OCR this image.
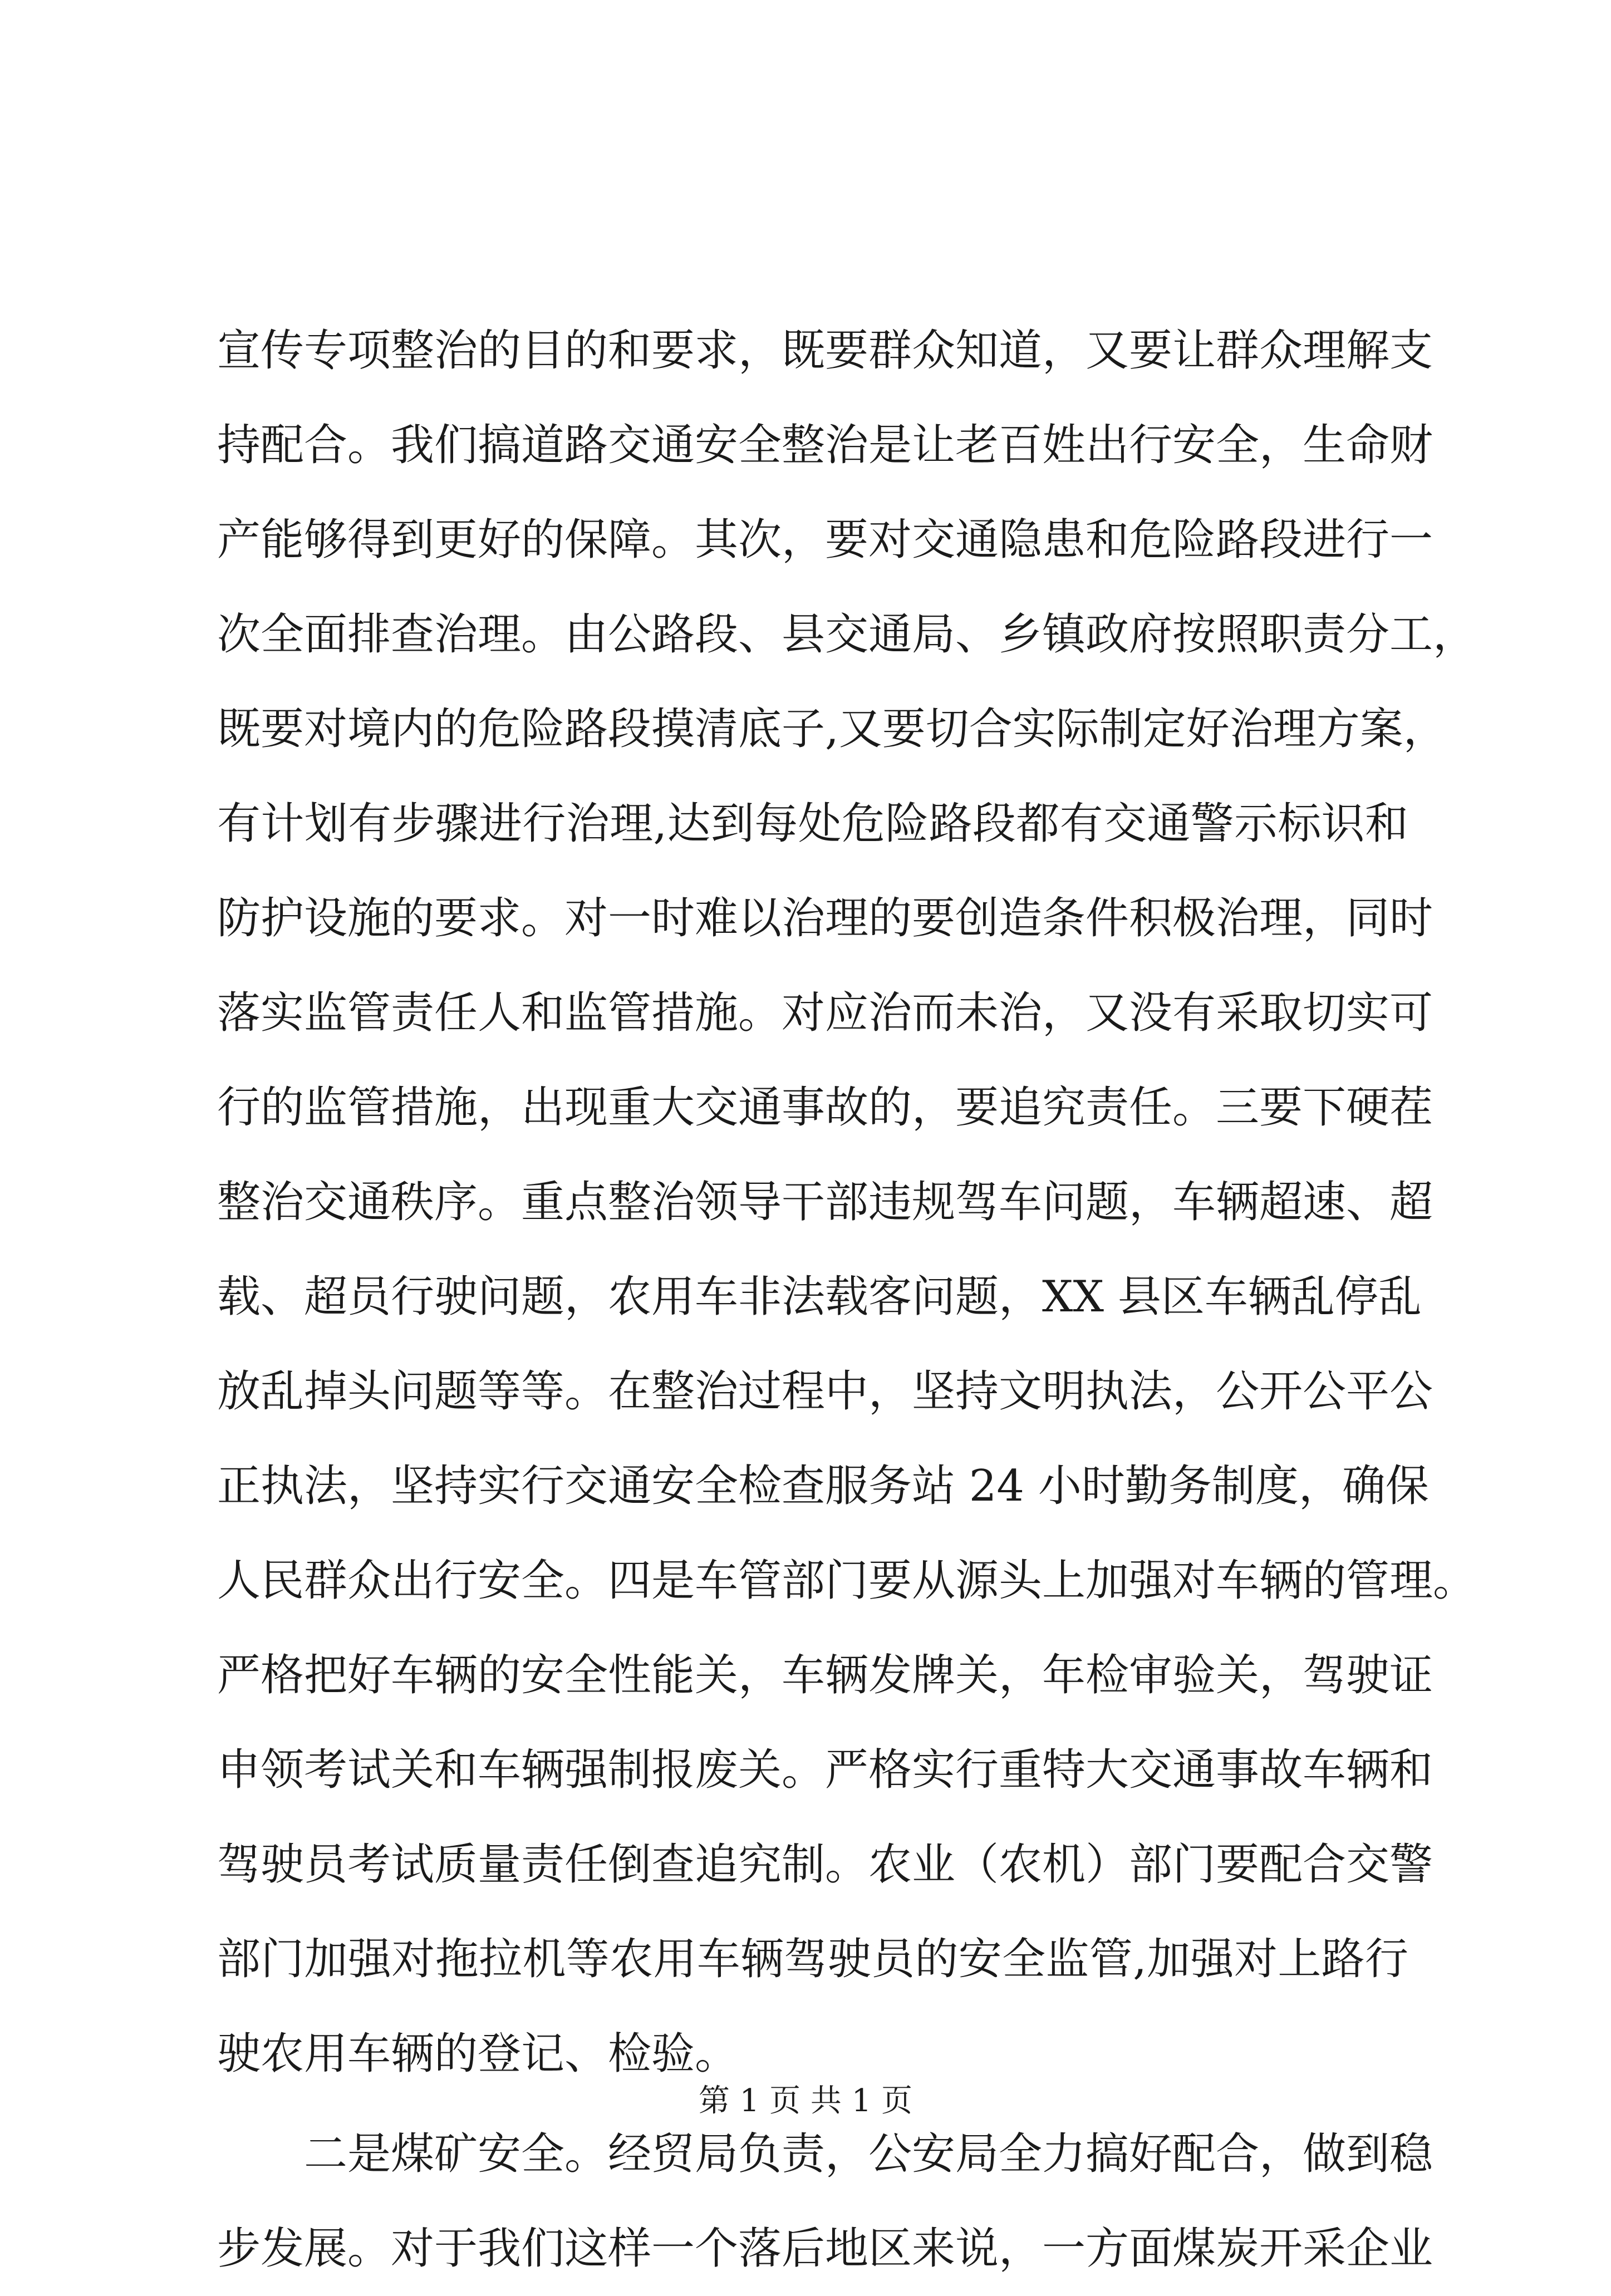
宣传专项整治的目的和要求，既要群众知道，又要让群众理解支
持配合。我们搞道路交通安全整治是让老百姓出行安全，生命财
产能够得到更好的保障。其次，要对交通隐患和危险路段进行一
次全面排查治理。由公路段、县交通局、乡镇政府按照职责分工，
既要对境内的危险路段摸清底子,又要切合实际制定好治理方案，
有计划有步骤进行治理,达到每处危险路段都有交通警示标识和
防护设施的要求。对一时难以治理的要创造条件积极治理，同时
落实监管责任人和监管措施。对应治而未治，又没有采取切实可
行的监管措施，出现重大交通事故的，要追究责任。三要下硬茬
整治交通秩序。重点整治领导干部违规驾车问题，车辆超速、超
载、超员行驶问题，农用车非法载客问题，XX 县区车辆乱停乱
放乱掉头问题等等。在整治过程中，坚持文明执法，公开公平公
正执法，坚持实行交通安全检查服务站 24 小时勤务制度，确保
人民群众出行安全。四是车管部门要从源头上加强对车辆的管理。
严格把好车辆的安全性能关，车辆发牌关，年检审验关，驾驶证
申领考试关和车辆强制报废关。严格实行重特大交通事故车辆和
驾驶员考试质量责任倒查追究制。农业（农机）部门要配合交警
部门加强对拖拉机等农用车辆驾驶员的安全监管,加强对上路行
驶农用车辆的登记、检验。
二是煤矿安全。经贸局负责，公安局全力搞好配合，做到稳
步发展。对于我们这样一个落后地区来说，一方面煤炭开采企业
第 1 页 共 1 页
